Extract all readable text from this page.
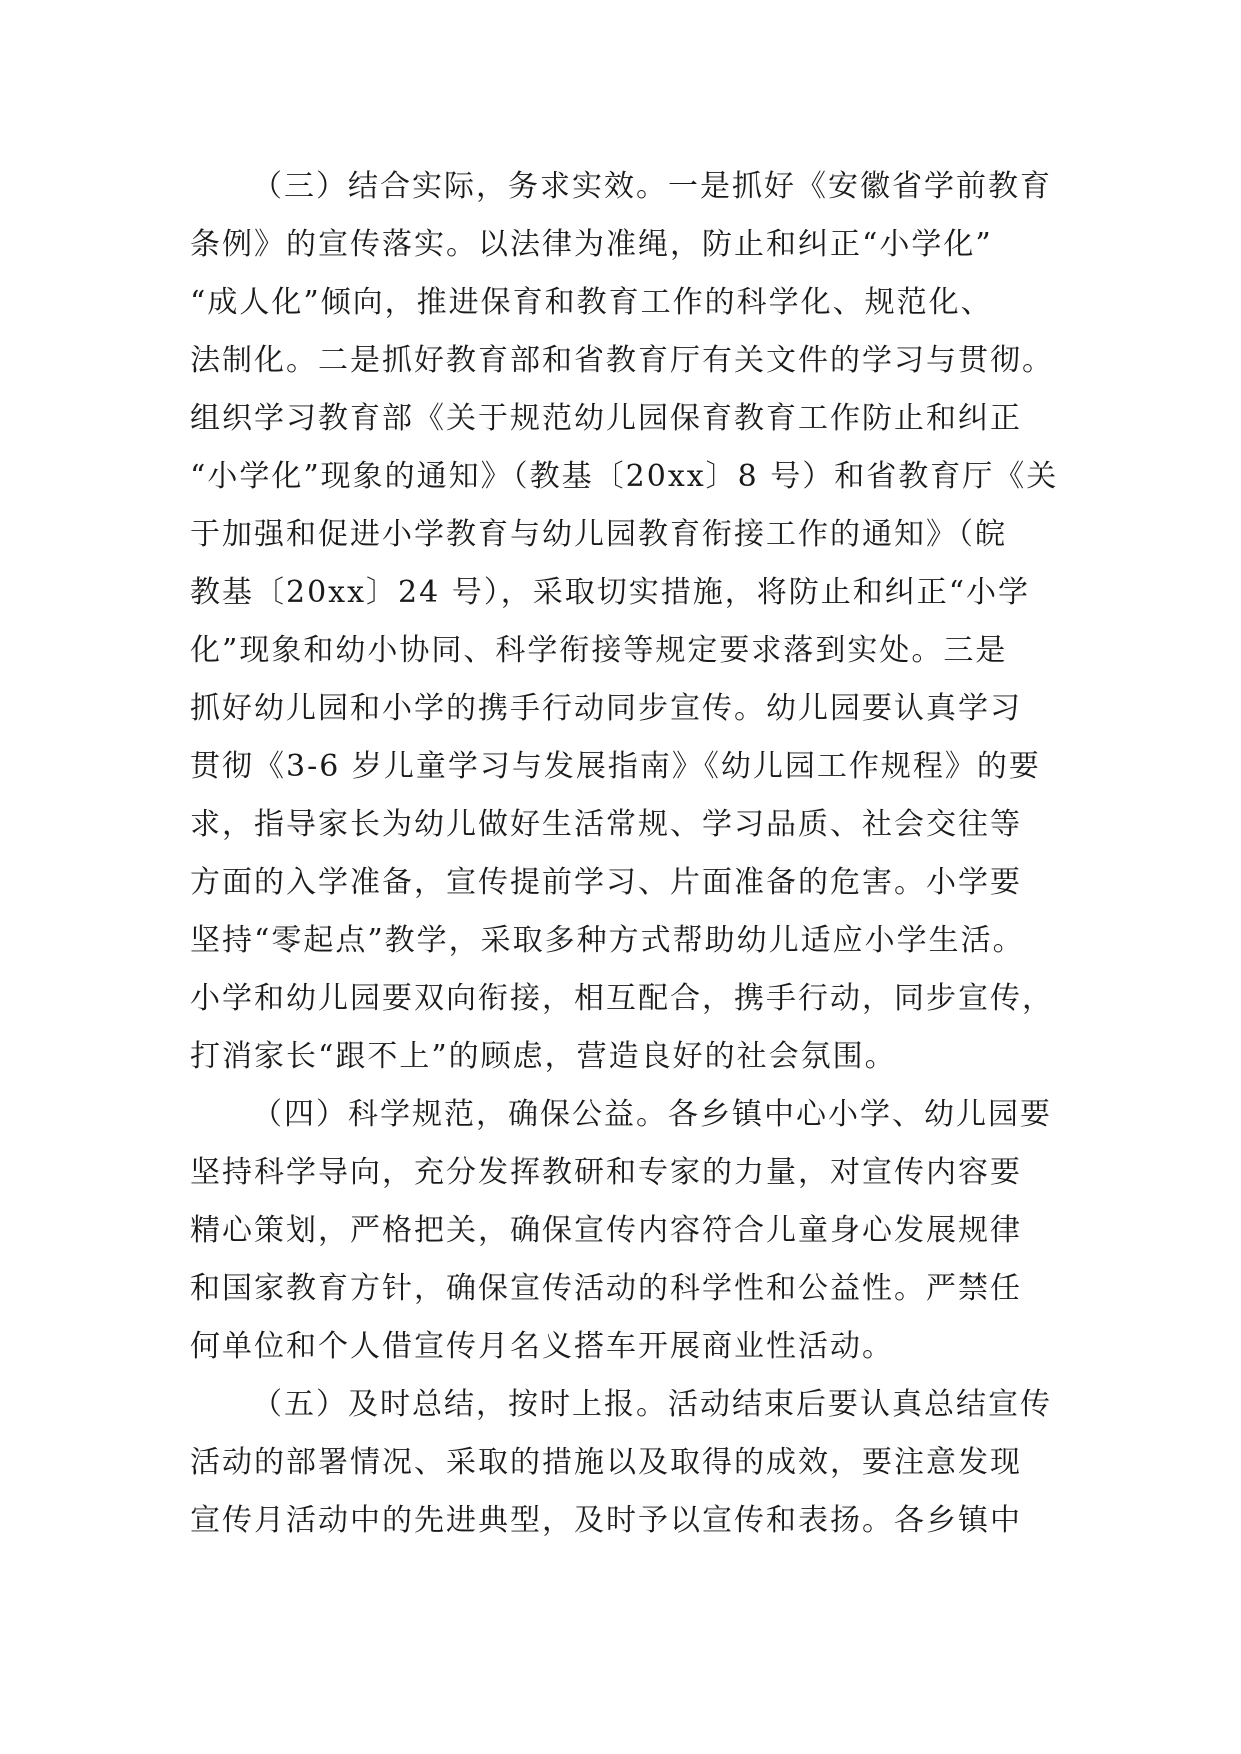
（三）结合实际，务求实效。一是抓好《安徽省学前教育
条例》的宣传落实。以法律为准绳，防止和纠正“小学化”
“成人化”倾向，推进保育和教育工作的科学化、规范化、
法制化。二是抓好教育部和省教育厅有关文件的学习与贯彻。
组织学习教育部《关于规范幼儿园保育教育工作防止和纠正
“小学化”现象的通知》（教基〔20xx〕8 号）和省教育厅《关
于加强和促进小学教育与幼儿园教育衔接工作的通知》（皖
教基〔20xx〕24 号），采取切实措施，将防止和纠正“小学
化”现象和幼小协同、科学衔接等规定要求落到实处。三是
抓好幼儿园和小学的携手行动同步宣传。幼儿园要认真学习
贯彻《3-6 岁儿童学习与发展指南》《幼儿园工作规程》的要
求，指导家长为幼儿做好生活常规、学习品质、社会交往等
方面的入学准备，宣传提前学习、片面准备的危害。小学要
坚持“零起点”教学，采取多种方式帮助幼儿适应小学生活。
小学和幼儿园要双向衔接，相互配合，携手行动，同步宣传，
打消家长“跟不上”的顾虑，营造良好的社会氛围。
（四）科学规范，确保公益。各乡镇中心小学、幼儿园要
坚持科学导向，充分发挥教研和专家的力量，对宣传内容要
精心策划，严格把关，确保宣传内容符合儿童身心发展规律
和国家教育方针，确保宣传活动的科学性和公益性。严禁任
何单位和个人借宣传月名义搭车开展商业性活动。
（五）及时总结，按时上报。活动结束后要认真总结宣传
活动的部署情况、采取的措施以及取得的成效，要注意发现
宣传月活动中的先进典型，及时予以宣传和表扬。各乡镇中
